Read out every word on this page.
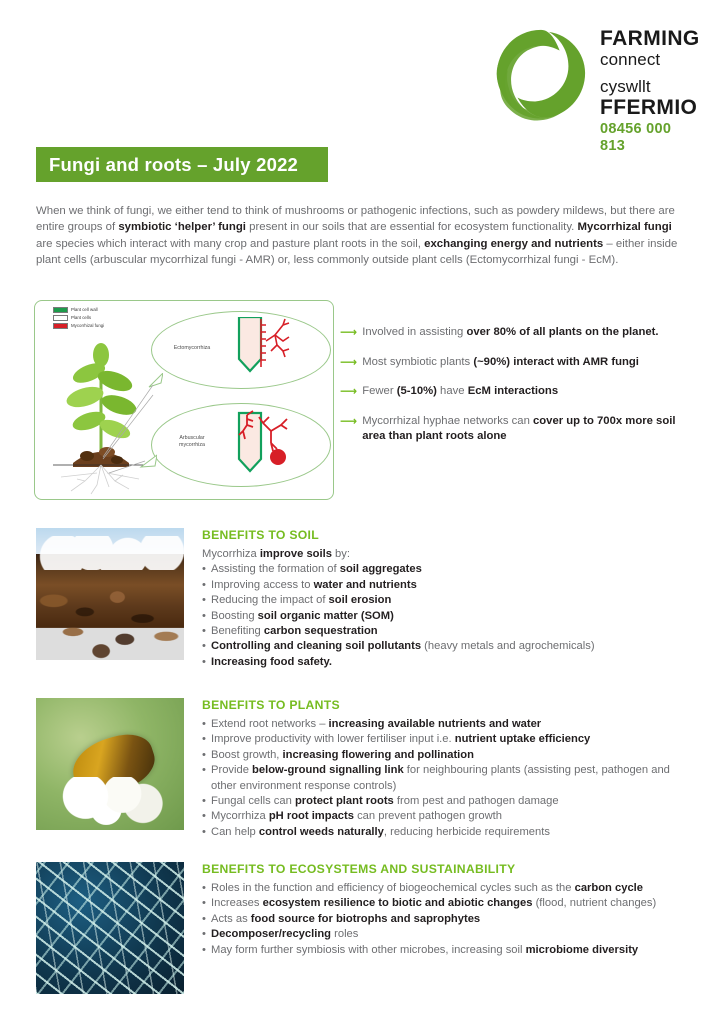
FARMING
connect
cyswllt
FFERMIO
08456 000 813
Fungi and roots – July 2022
When we think of fungi, we either tend to think of mushrooms or pathogenic infections, such as powdery mildews, but there are entire groups of symbiotic ‘helper’ fungi present in our soils that are essential for ecosystem functionality. Mycorrhizal fungi are species which interact with many crop and pasture plant roots in the soil, exchanging energy and nutrients – either inside plant cells (arbuscular mycorrhizal fungi - AMR) or, less commonly outside plant cells (Ectomycorrhizal fungi - EcM).
Plant cell wall
Plant cells
Mycorrhizal fungi
Ectomycorrhiza
Arbuscular
mycorrhiza
⟶ Involved in assisting over 80% of all plants on the planet.
⟶ Most symbiotic plants (~90%) interact with AMR fungi
⟶ Fewer (5-10%) have EcM interactions
⟶ Mycorrhizal hyphae networks can cover up to 700x more soil area than plant roots alone
BENEFITS TO SOIL
Mycorrhiza improve soils by:
• Assisting the formation of soil aggregates
• Improving access to water and nutrients
• Reducing the impact of soil erosion
• Boosting soil organic matter (SOM)
• Benefiting carbon sequestration
• Controlling and cleaning soil pollutants (heavy metals and agrochemicals)
• Increasing food safety.
BENEFITS TO PLANTS
• Extend root networks – increasing available nutrients and water
• Improve productivity with lower fertiliser input i.e. nutrient uptake efficiency
• Boost growth, increasing flowering and pollination
• Provide below-ground signalling link for neighbouring plants (assisting pest, pathogen and other environment response controls)
• Fungal cells can protect plant roots from pest and pathogen damage
• Mycorrhiza pH root impacts can prevent pathogen growth
• Can help control weeds naturally, reducing herbicide requirements
BENEFITS TO ECOSYSTEMS AND SUSTAINABILITY
• Roles in the function and efficiency of biogeochemical cycles such as the carbon cycle
• Increases ecosystem resilience to biotic and abiotic changes (flood, nutrient changes)
• Acts as food source for biotrophs and saprophytes
• Decomposer/recycling roles
• May form further symbiosis with other microbes, increasing soil microbiome diversity
